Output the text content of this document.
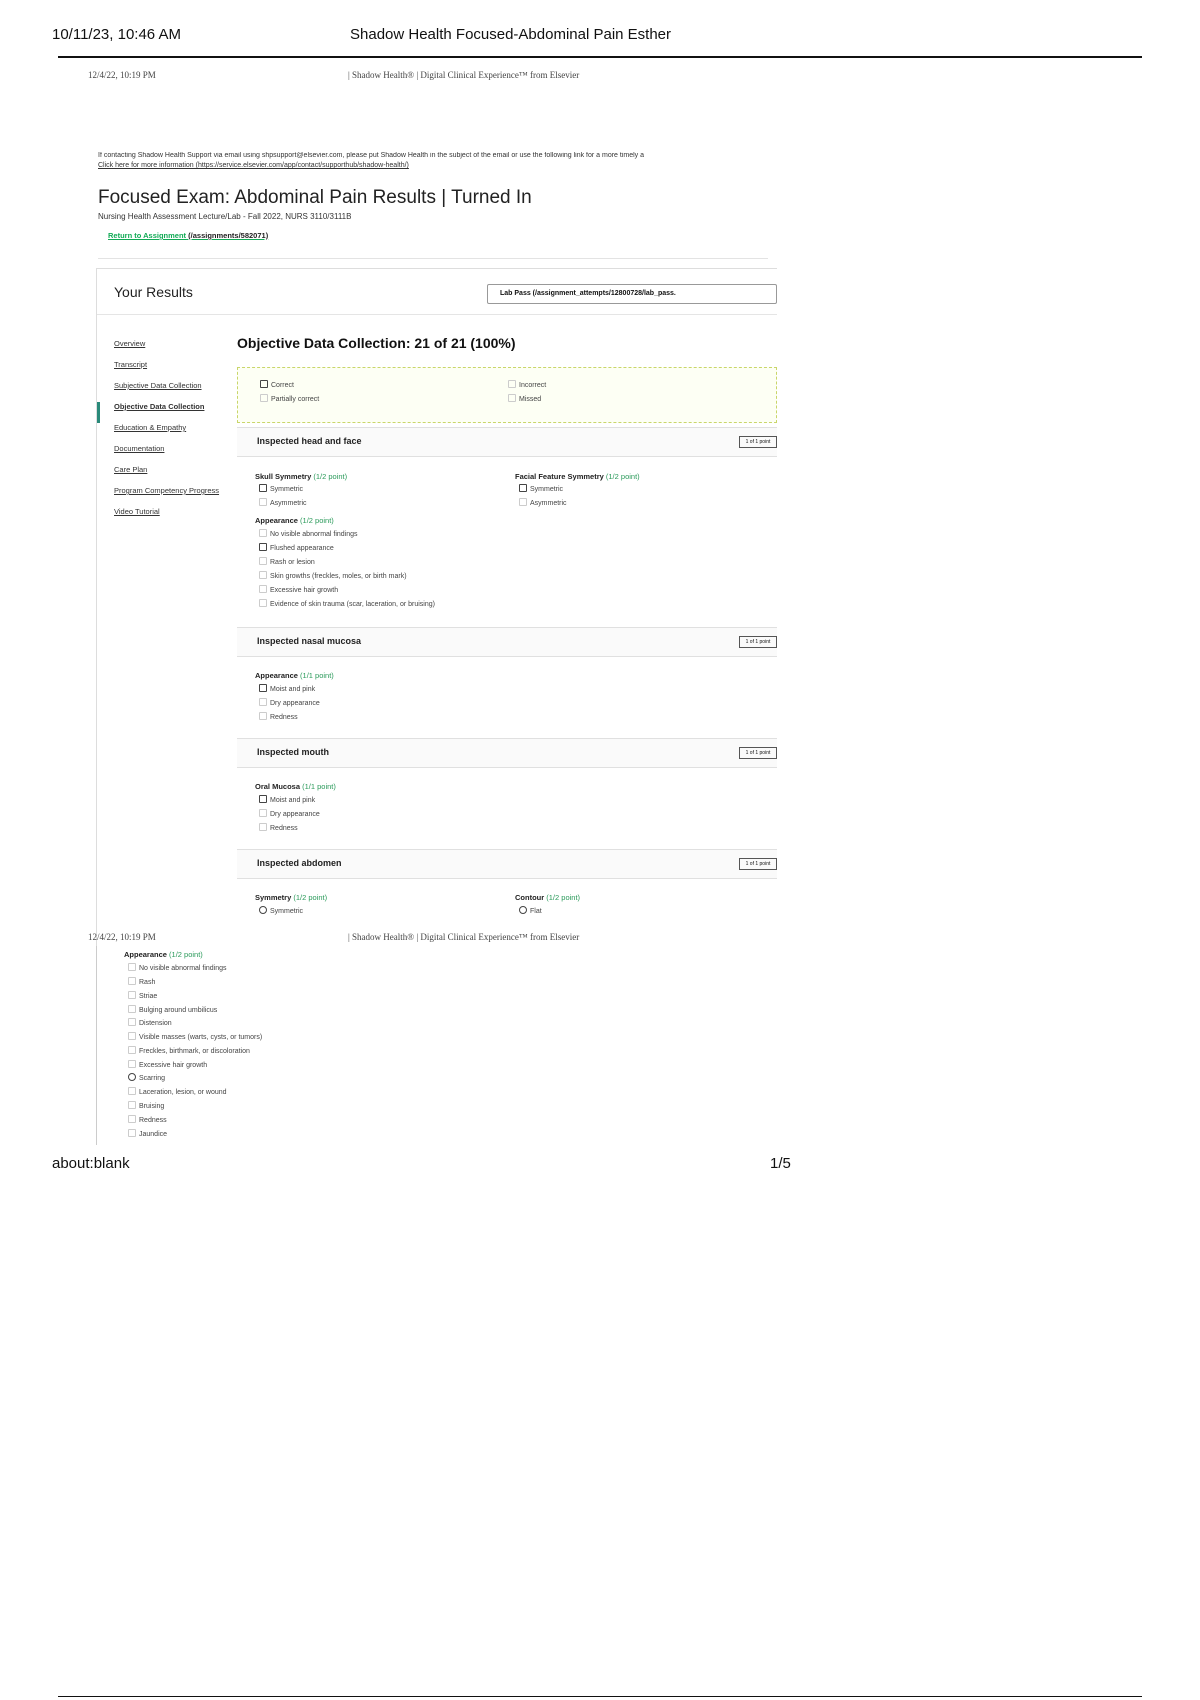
10/11/23, 10:46 AM	Shadow Health Focused-Abdominal Pain Esther
12/4/22, 10:19 PM	| Shadow Health® | Digital Clinical Experience™ from Elsevier
If contacting Shadow Health Support via email using shpsupport@elsevier.com, please put Shadow Health in the subject of the email or use the following link for a more timely a
Click here for more information (https://service.elsevier.com/app/contact/supporthub/shadow-health/)
Focused Exam: Abdominal Pain Results | Turned In
Nursing Health Assessment Lecture/Lab - Fall 2022, NURS 3110/3111B
Return to Assignment (/assignments/582071)
Your Results	Lab Pass (/assignment_attempts/12800728/lab_pass.
Overview
Transcript
Subjective Data Collection
Objective Data Collection
Education & Empathy
Documentation
Care Plan
Program Competency Progress
Video Tutorial
Objective Data Collection: 21 of 21 (100%)
Correct
Partially correct
Incorrect
Missed
Inspected head and face	1 of 1 point
Skull Symmetry (1/2 point)
Symmetric
Asymmetric
Facial Feature Symmetry (1/2 point)
Symmetric
Asymmetric
Appearance (1/2 point)
No visible abnormal findings
Flushed appearance
Rash or lesion
Skin growths (freckles, moles, or birth mark)
Excessive hair growth
Evidence of skin trauma (scar, laceration, or bruising)
Inspected nasal mucosa	1 of 1 point
Appearance (1/1 point)
Moist and pink
Dry appearance
Redness
Inspected mouth	1 of 1 point
Oral Mucosa (1/1 point)
Moist and pink
Dry appearance
Redness
Inspected abdomen	1 of 1 point
Symmetry (1/2 point)
Symmetric
Contour (1/2 point)
Flat
12/4/22, 10:19 PM	| Shadow Health® | Digital Clinical Experience™ from Elsevier
Appearance (1/2 point)
No visible abnormal findings
Rash
Striae
Bulging around umbilicus
Distension
Visible masses (warts, cysts, or tumors)
Freckles, birthmark, or discoloration
Excessive hair growth
Scarring
Laceration, lesion, or wound
Bruising
Redness
Jaundice
about:blank	1/5
